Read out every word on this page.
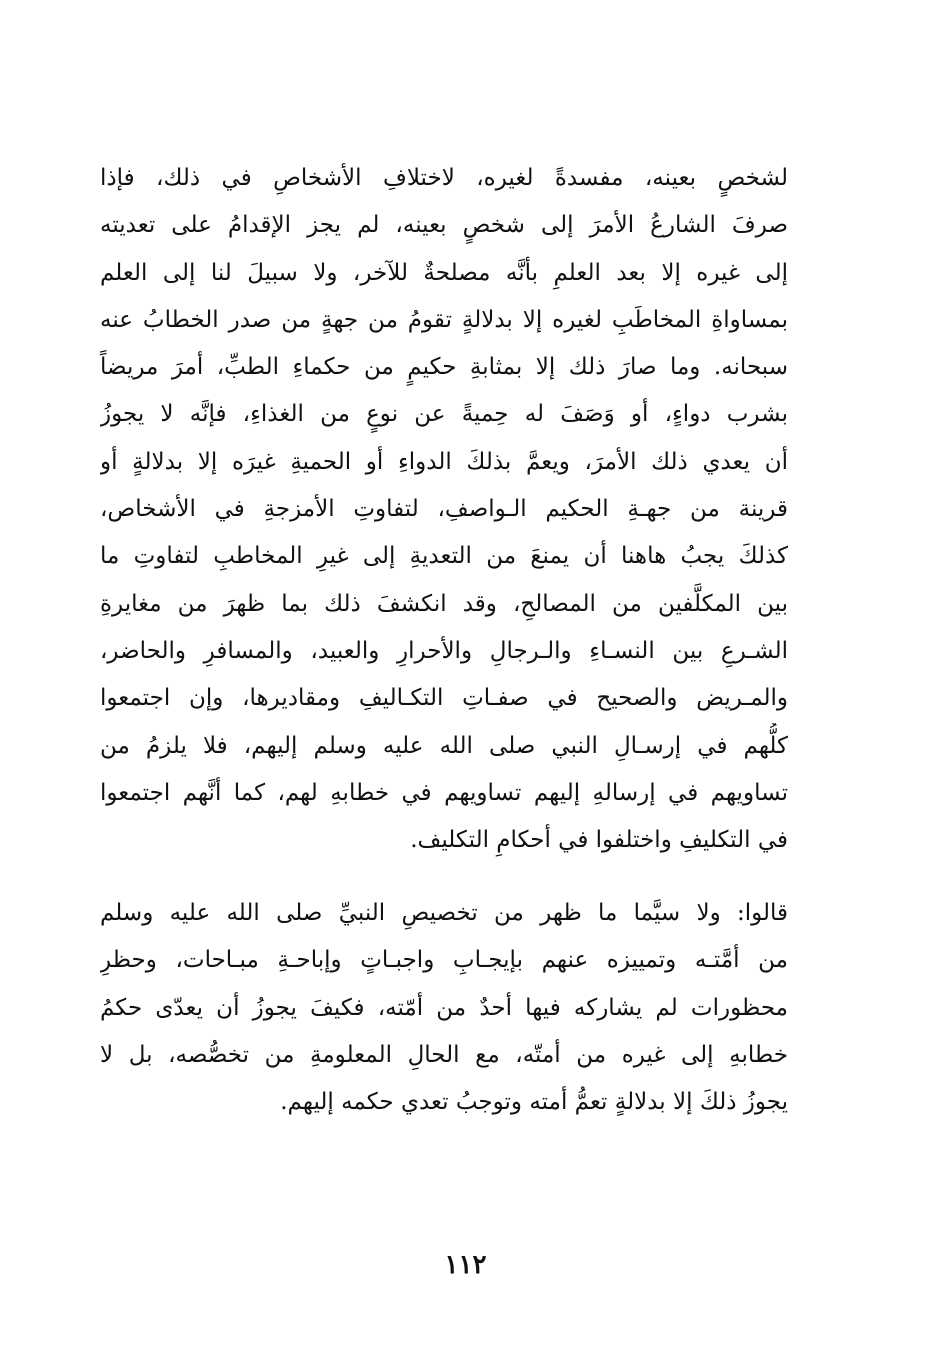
لشخصٍ بعينه، مفسدةً لغيره، لاختلافِ الأشخاصِ في ذلك، فإذا
صرفَ الشارعُ الأمرَ إلى شخصٍ بعينه، لم يجز الإقدامُ على تعديته
إلى غيره إلا بعد العلمِ بأنَّه مصلحةٌ للآخر، ولا سبيلَ لنا إلى العلم
بمساواةِ المخاطَبِ لغيره إلا بدلالةٍ تقومُ من جهةٍ من صدر الخطابُ عنه
سبحانه. وما صارَ ذلك إلا بمثابةِ حكيمٍ من حكماءِ الطبِّ، أمرَ مريضاً
بشرب دواءٍ، أو وَصَفَ له حِميةً عن نوعٍ من الغذاءِ، فإنَّه لا يجوزُ
أن يعدي ذلك الأمرَ، ويعمَّ بذلكَ الدواءِ أو الحميةِ غيرَه إلا بدلالةٍ أو
قرينة من جهـةِ الحكيم الـواصفِ، لتفاوتِ الأمزجةِ في الأشخاص،
كذلكَ يجبُ هاهنا أن يمنعَ من التعديةِ إلى غيرِ المخاطبِ لتفاوتِ ما
بين المكلَّفين من المصالحِ، وقد انكشفَ ذلك بما ظهرَ من مغايرةِ
الشـرعِ بين النسـاءِ والـرجالِ والأحرارِ والعبيد، والمسافرِ والحاضر،
والمـريض والصحيح في صفـاتِ التكـاليفِ ومقاديرها، وإن اجتمعوا
كلُّهم في إرسـالِ النبي صلى الله عليه وسلم إليهم، فلا يلزمُ من
تساويهم في إرسالهِ إليهم تساويهم في خطابهِ لهم، كما أنَّهم اجتمعوا
في التكليفِ واختلفوا في أحكامِ التكليف.
قالوا: ولا سيَّما ما ظهر من تخصيصِ النبيِّ صلى الله عليه وسلم
من أمَّتـه وتمييزه عنهم بإيجـابِ واجبـاتٍ وإباحـةِ مبـاحات، وحظرِ
محظورات لم يشاركه فيها أحدٌ من أمّته، فكيفَ يجوزُ أن يعدّى حكمُ
خطابهِ إلى غيره من أمتّه، مع الحالِ المعلومةِ من تخصُّصه، بل لا
يجوزُ ذلكَ إلا بدلالةٍ تعمُّ أمته وتوجبُ تعدي حكمه إليهم.
١١٢
